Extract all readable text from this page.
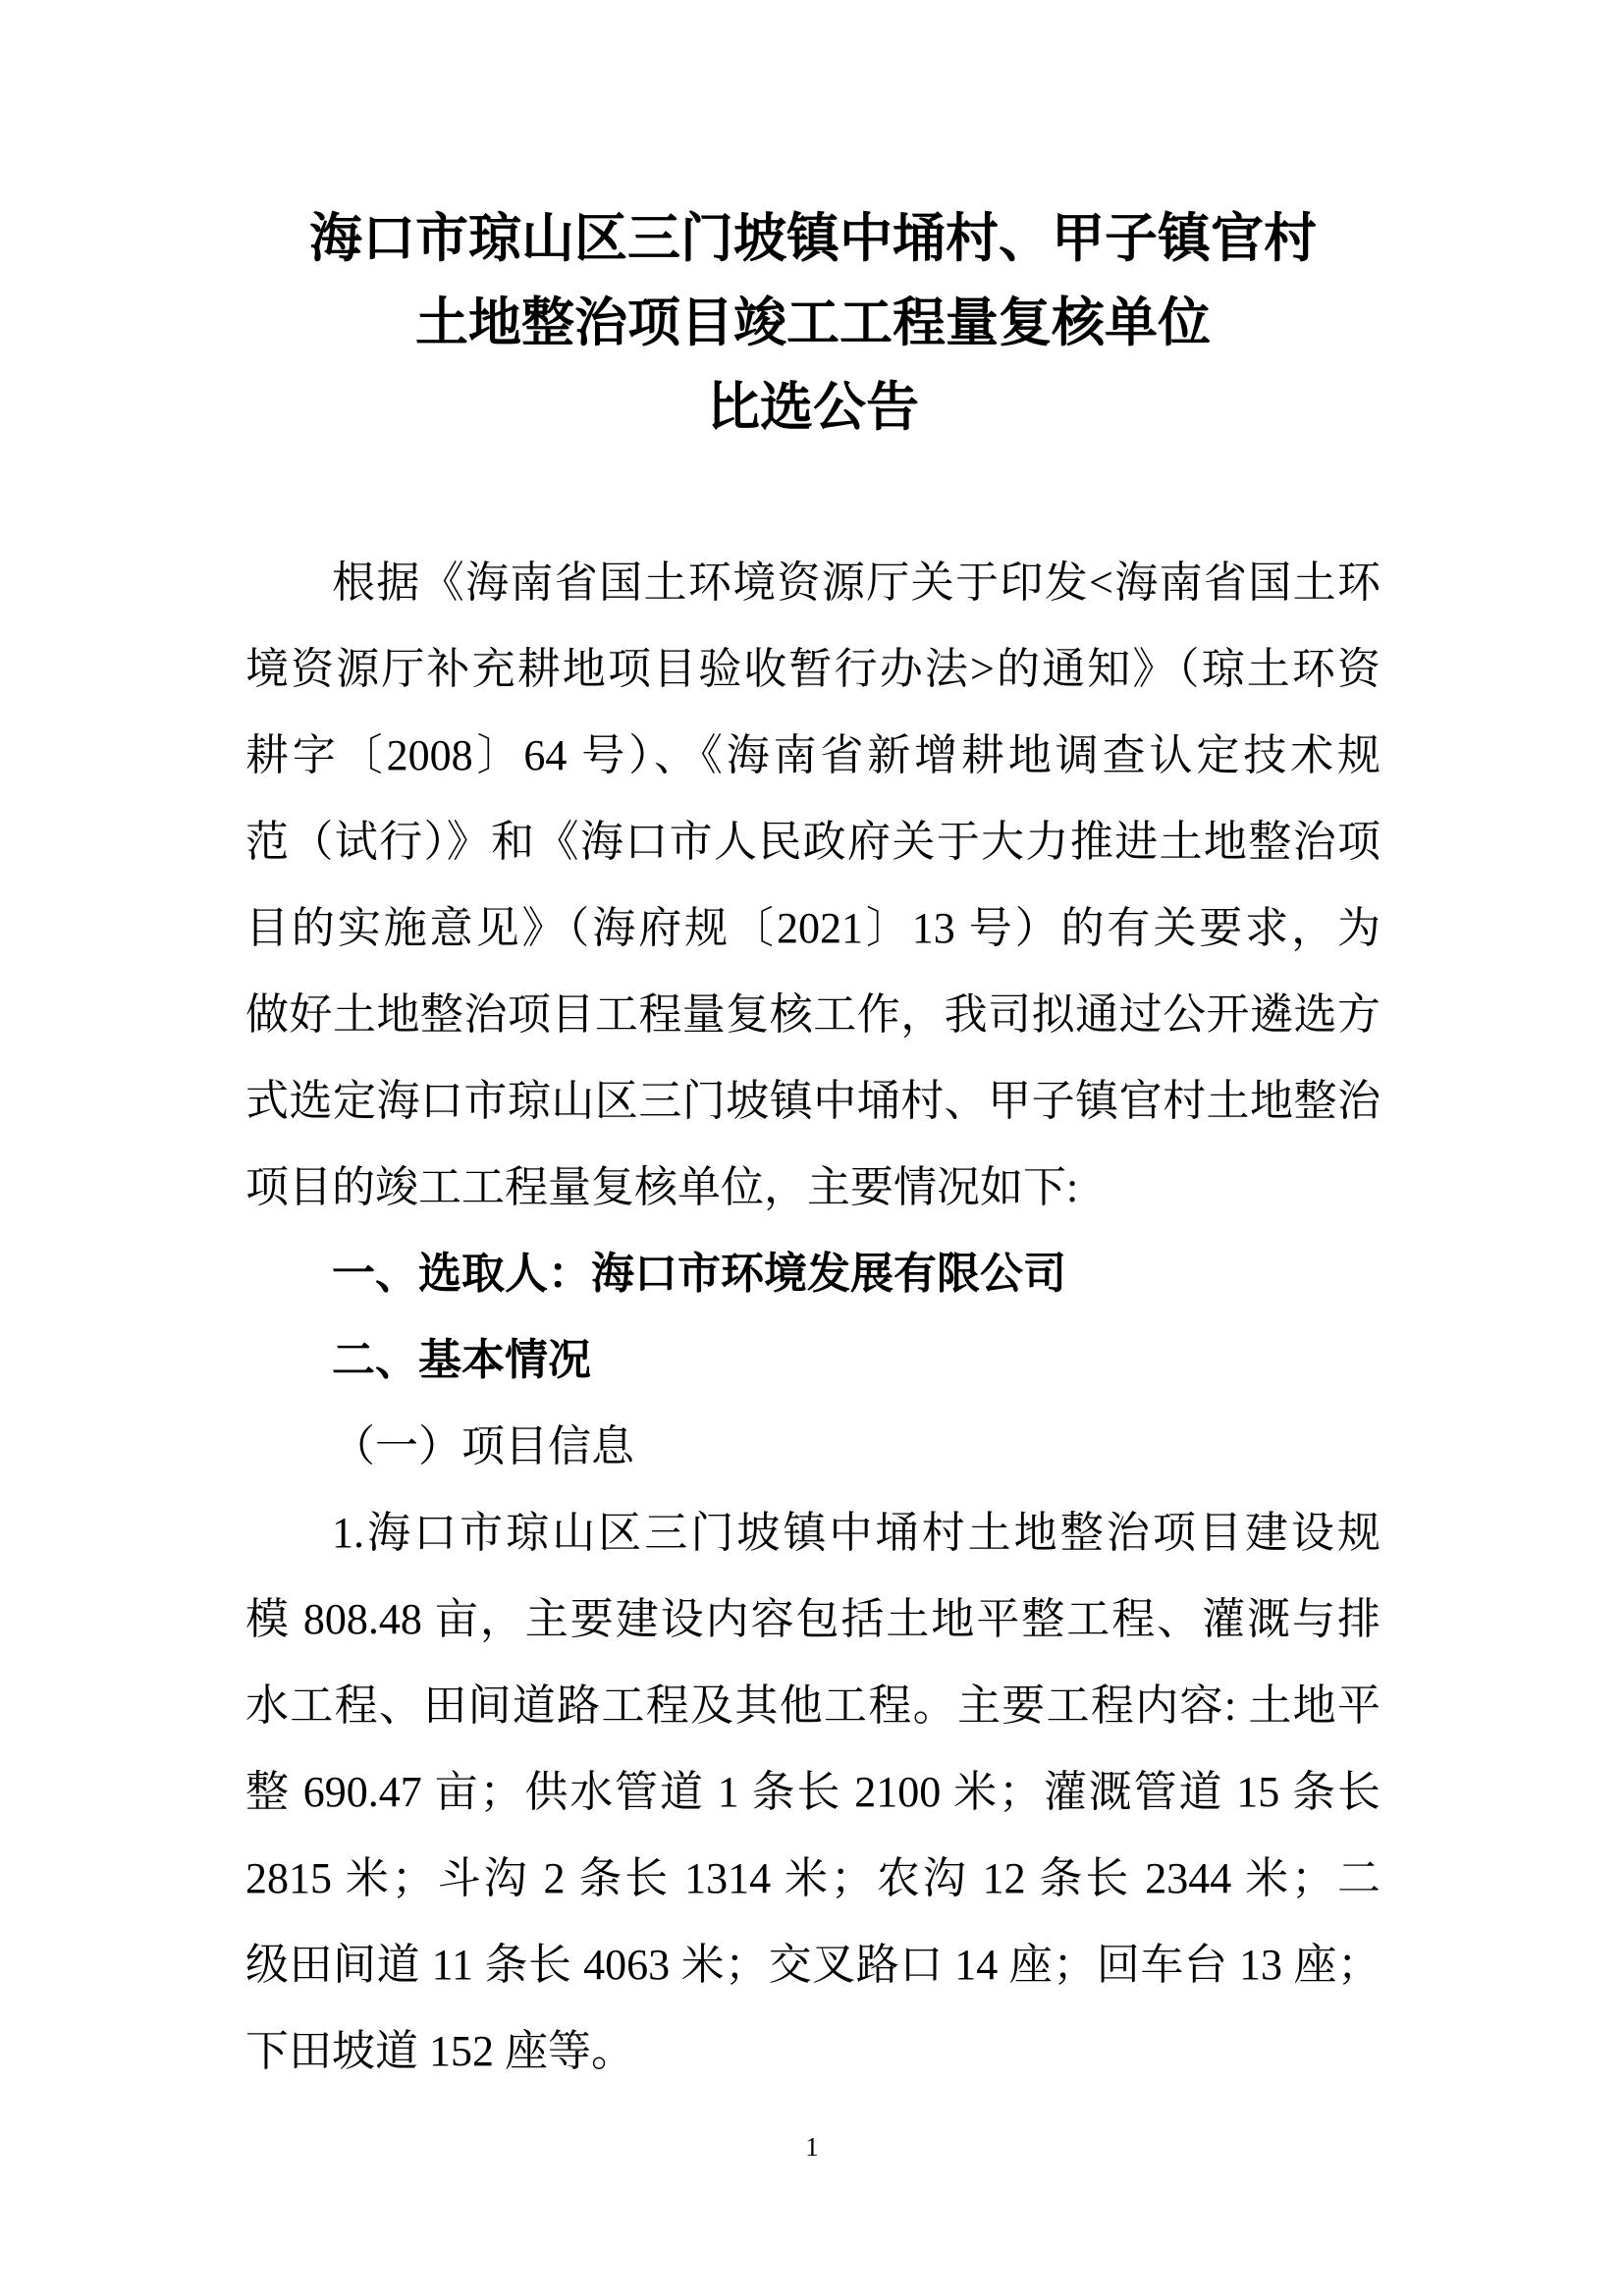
海口市琼山区三门坡镇中埇村、甲子镇官村
土地整治项目竣工工程量复核单位
比选公告
根据《海南省国土环境资源厅关于印发<海南省国土环
境资源厅补充耕地项目验收暂行办法>的通知》（琼土环资
耕字〔2008〕64 号）、《海南省新增耕地调查认定技术规
范（试行）》和《海口市人民政府关于大力推进土地整治项
目的实施意见》（海府规〔2021〕13 号）的有关要求，为
做好土地整治项目工程量复核工作，我司拟通过公开遴选方
式选定海口市琼山区三门坡镇中埇村、甲子镇官村土地整治
项目的竣工工程量复核单位，主要情况如下:
一、选取人：海口市环境发展有限公司
二、基本情况
（一）项目信息
1.海口市琼山区三门坡镇中埇村土地整治项目建设规
模 808.48 亩，主要建设内容包括土地平整工程、灌溉与排
水工程、田间道路工程及其他工程。主要工程内容: 土地平
整 690.47 亩；供水管道 1 条长 2100 米；灌溉管道 15 条长
2815 米；斗沟 2 条长 1314 米；农沟 12 条长 2344 米；二
级田间道 11 条长 4063 米；交叉路口 14 座；回车台 13 座；
下田坡道 152 座等。
1
